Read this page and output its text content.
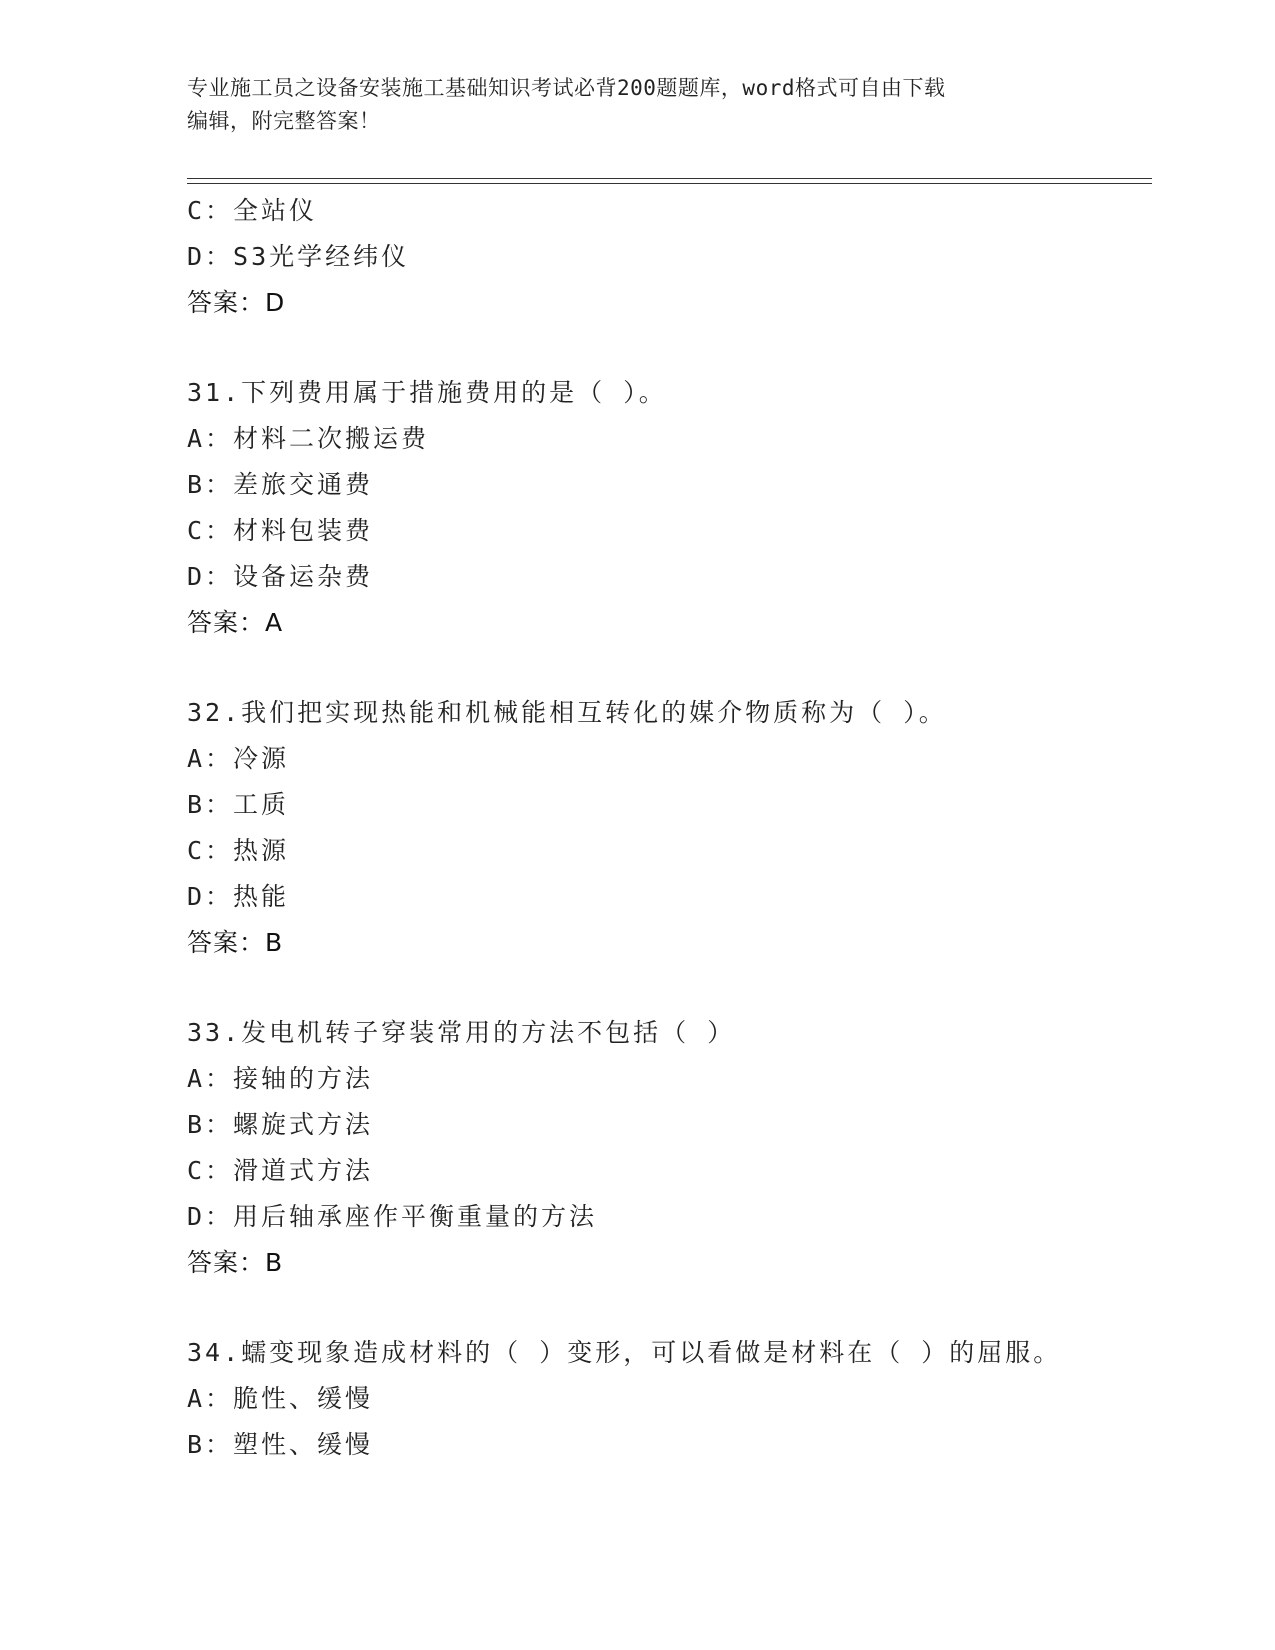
专业施工员之设备安装施工基础知识考试必背200题题库，word格式可自由下载
编辑，附完整答案！
C：全站仪
D：S3光学经纬仪
答案：D
31.下列费用属于措施费用的是（ ）。
A：材料二次搬运费
B：差旅交通费
C：材料包装费
D：设备运杂费
答案：A
32.我们把实现热能和机械能相互转化的媒介物质称为（ ）。
A：冷源
B：工质
C：热源
D：热能
答案：B
33.发电机转子穿装常用的方法不包括（ ）
A：接轴的方法
B：螺旋式方法
C：滑道式方法
D：用后轴承座作平衡重量的方法
答案：B
34.蠕变现象造成材料的（ ）变形，可以看做是材料在（ ）的屈服。
A：脆性、缓慢
B：塑性、缓慢
